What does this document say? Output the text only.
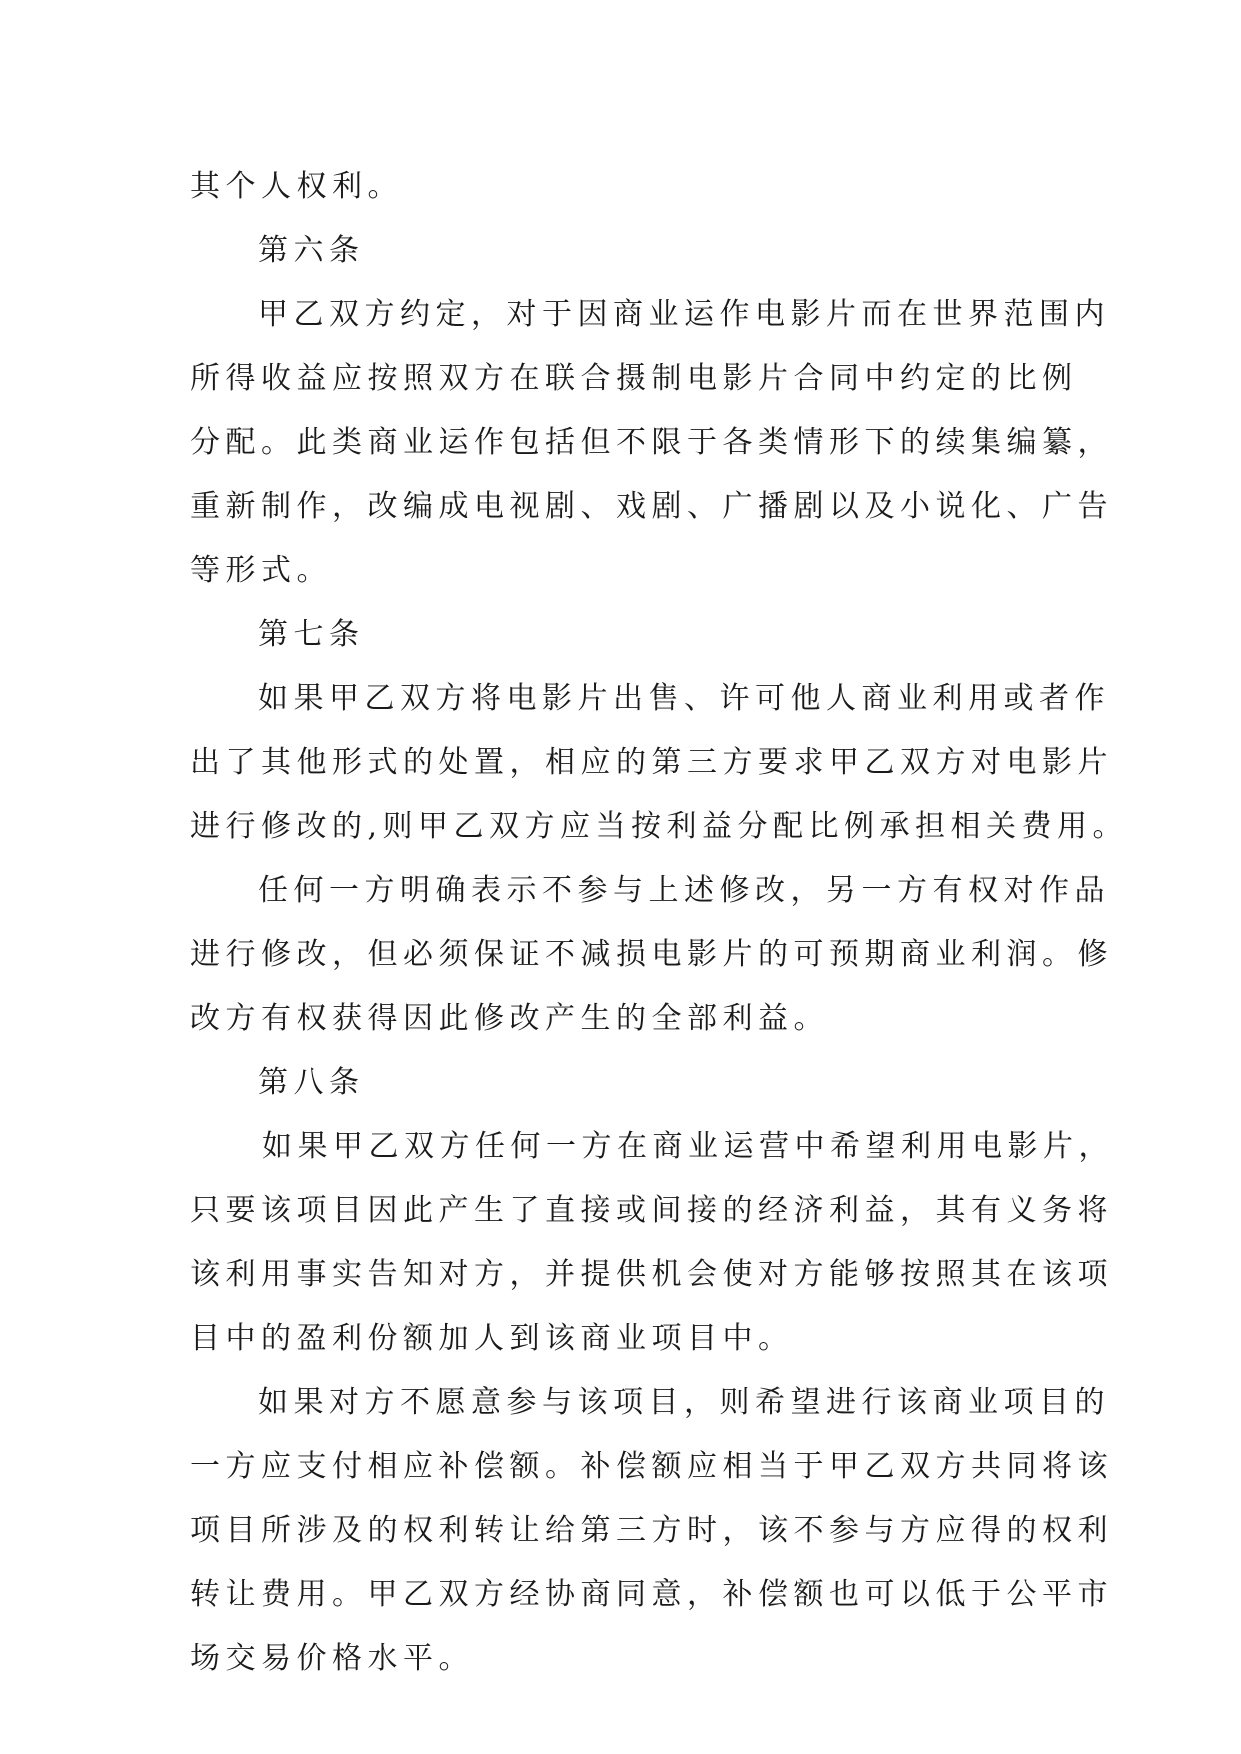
其个人权利。
第六条
甲乙双方约定，对于因商业运作电影片而在世界范围内
所得收益应按照双方在联合摄制电影片合同中约定的比例
分配。此类商业运作包括但不限于各类情形下的续集编纂，
重新制作，改编成电视剧、戏剧、广播剧以及小说化、广告
等形式。
第七条
如果甲乙双方将电影片出售、许可他人商业利用或者作
出了其他形式的处置，相应的第三方要求甲乙双方对电影片
进行修改的,则甲乙双方应当按利益分配比例承担相关费用。
任何一方明确表示不参与上述修改，另一方有权对作品
进行修改，但必须保证不减损电影片的可预期商业利润。修
改方有权获得因此修改产生的全部利益。
第八条
如果甲乙双方任何一方在商业运营中希望利用电影片，
只要该项目因此产生了直接或间接的经济利益，其有义务将
该利用事实告知对方，并提供机会使对方能够按照其在该项
目中的盈利份额加人到该商业项目中。
如果对方不愿意参与该项目，则希望进行该商业项目的
一方应支付相应补偿额。补偿额应相当于甲乙双方共同将该
项目所涉及的权利转让给第三方时，该不参与方应得的权利
转让费用。甲乙双方经协商同意，补偿额也可以低于公平市
场交易价格水平。
